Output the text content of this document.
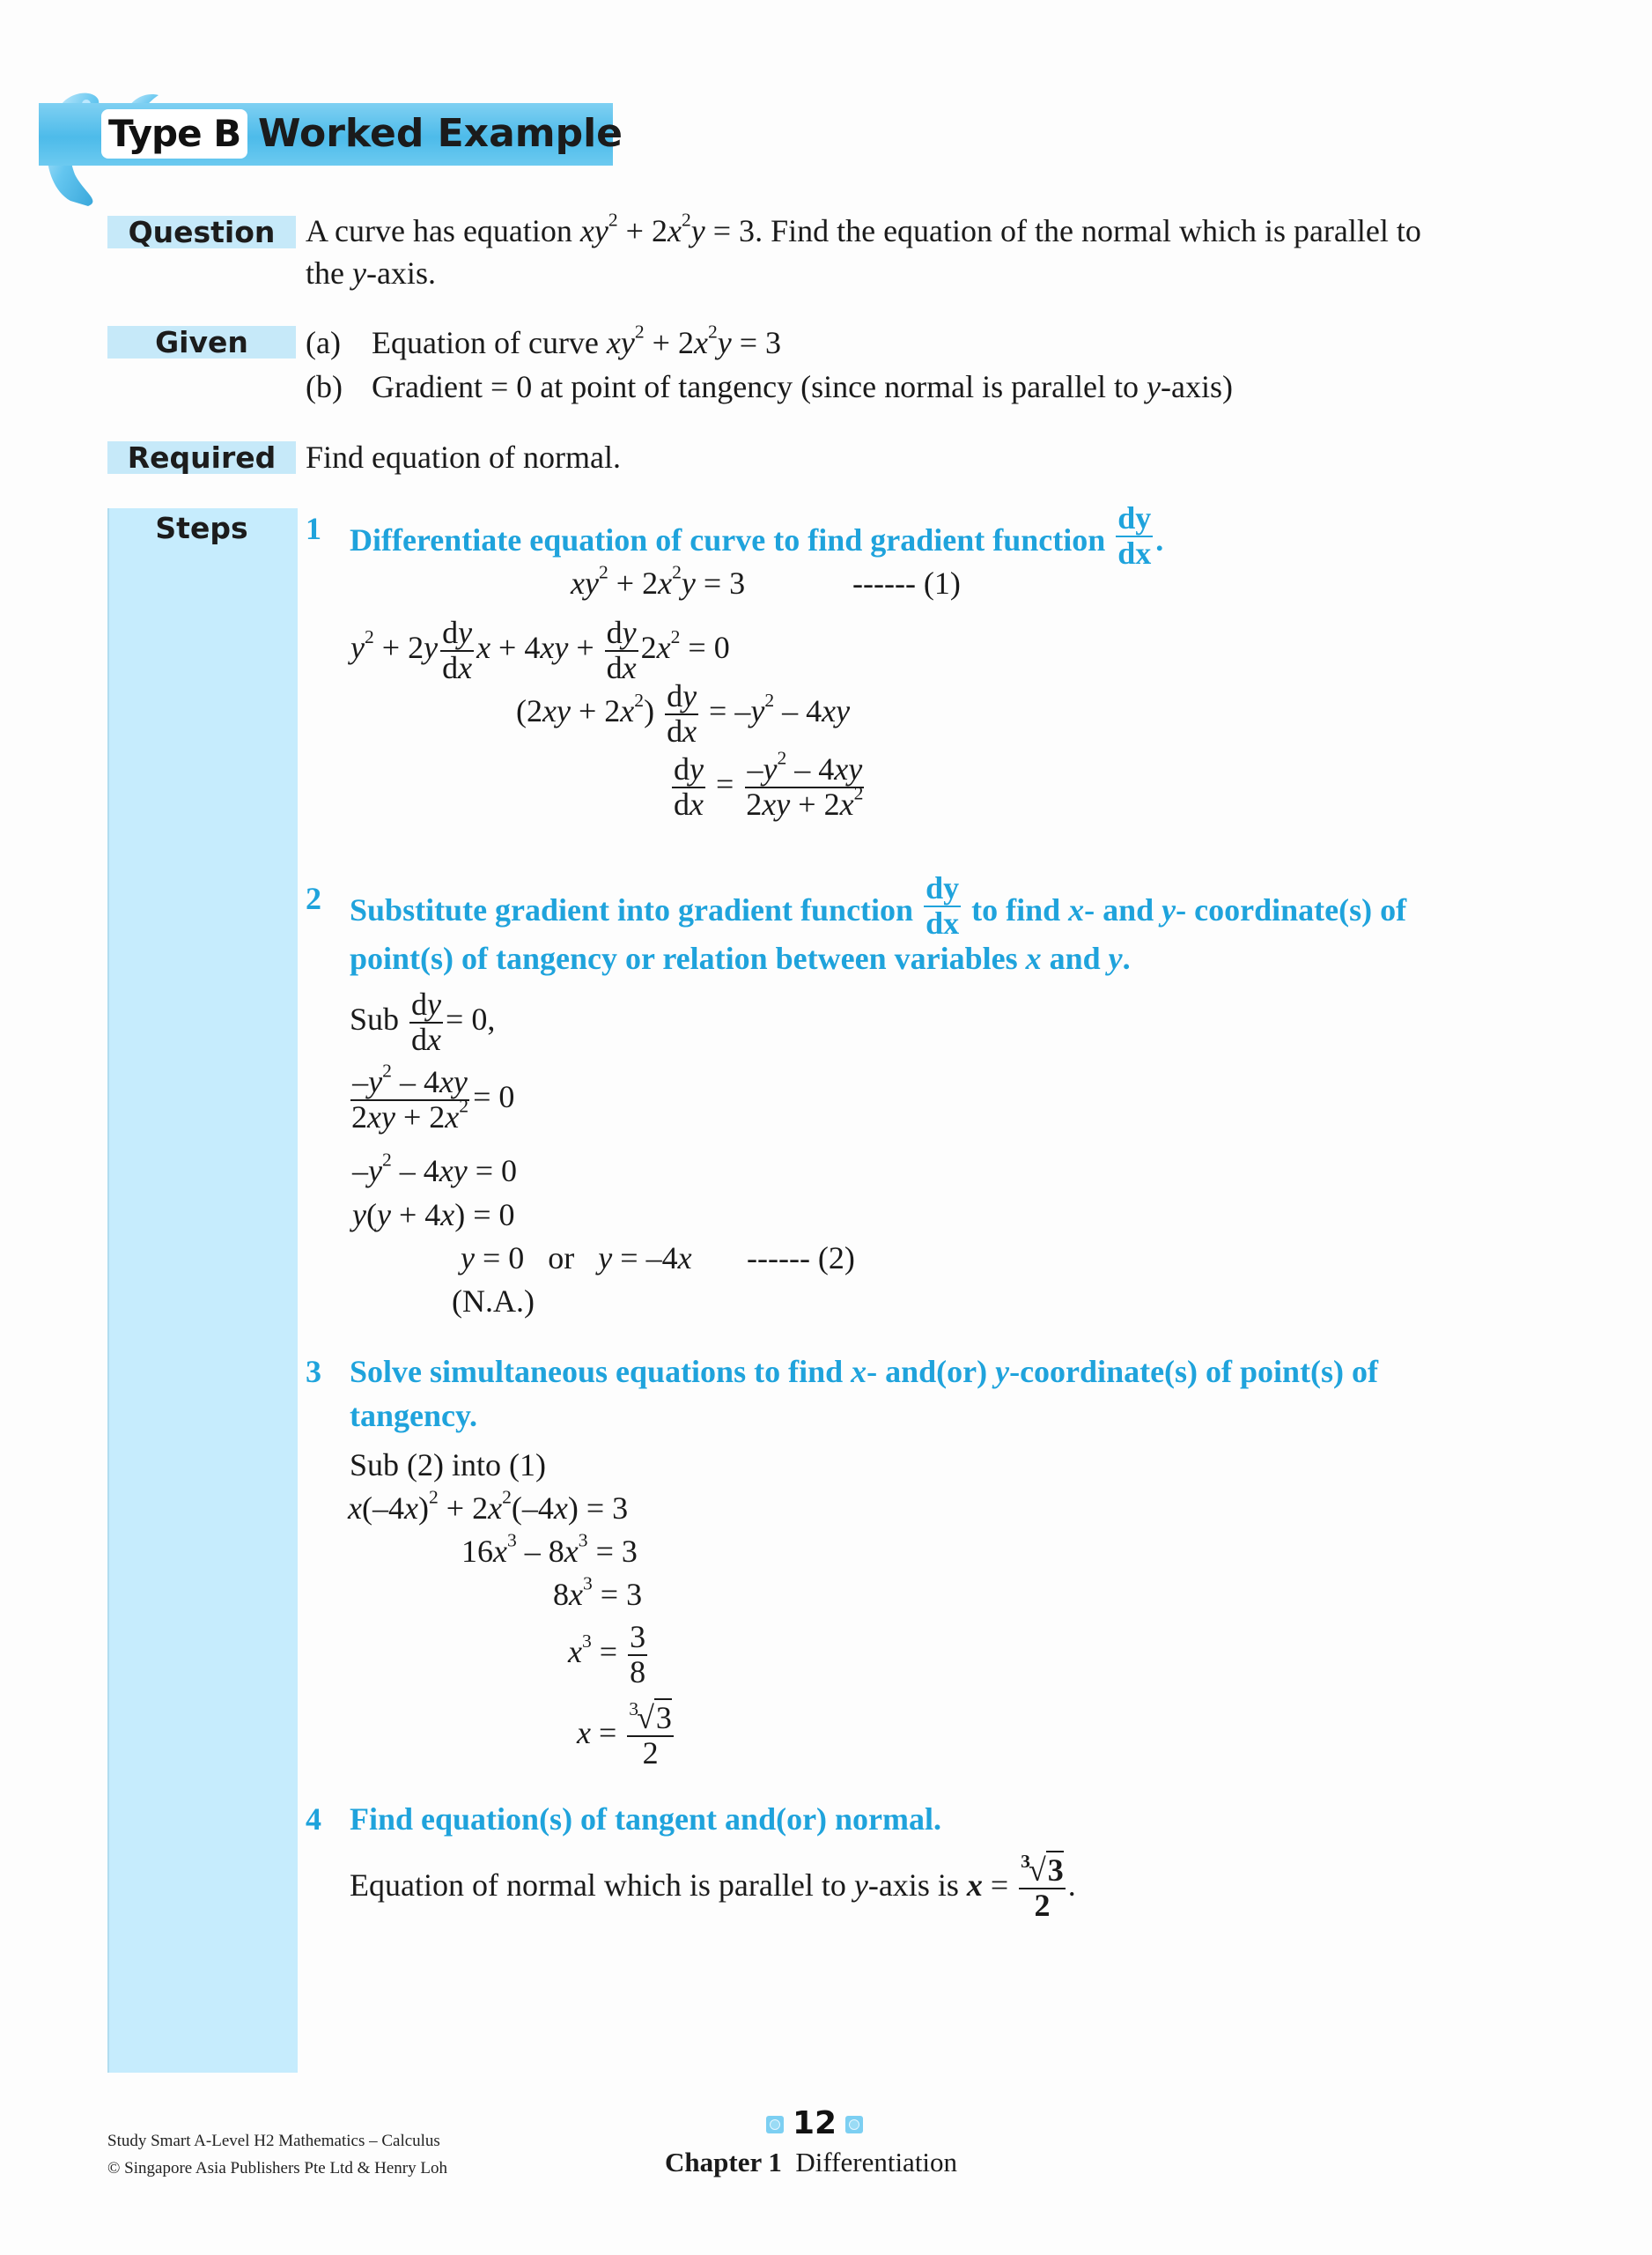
Type B Worked Example
Question A curve has equation $xy^2 + 2x^2y = 3$. Find the equation of the normal which is parallel to
the y-axis.
Given	(a) Equation of curve $xy^2 + 2x^2y = 3$
(b) Gradient = 0 at point of tangency (since normal is parallel to y-axis)
Required Find equation of normal.
Steps	1 Differentiate equation of curve to find gradient function $\frac{dy}{dx}$ .
$xy^2 + 2x^2y = 3$	------ (1)
$y^2 + 2y \frac{dy}{dx}$ $x + 4xy + \frac{dy}{dx} 2x^2 = 0$
$(2xy + 2x^2) \frac{dy}{dx} = -y^2 - 4xy$
$\frac{dy}{dx} = \frac{-y^2 - 4xy}{2xy + 2x^2}$
2 Substitute gradient into gradient function $\frac{dy}{dx}$ to find x- and y- coordinate(s) of
point(s) of tangency or relation between variables x and y.
Sub $\frac{dy}{dx} = 0$,
$\frac{-y^2 - 4xy}{2xy + 2x^2} = 0$
$-y^2 - 4xy = 0$
y(y + 4x) = 0
y = 0   or   y = –4x ------ (2)
(N.A.)
3 Solve simultaneous equations to find x- and(or) y-coordinate(s) of point(s) of
tangency.
Sub (2) into (1)
$x(-4x)^2 + 2x^2(-4x) = 3$
$16x^3 - 8x^3 = 3$
$8x^3 = 3$
$x^3 = \frac{3}{8}$
$x = \frac{^3√3}{2}$
4 Find equation(s) of tangent and(or) normal.
Equation of normal which is parallel to y-axis is $x = \frac{^3√3}{2}$ .
Study Smart A-Level H2 Mathematics – Calculus
© Singapore Asia Publishers Pte Ltd & Henry Loh
12
Chapter 1 Differentiation
